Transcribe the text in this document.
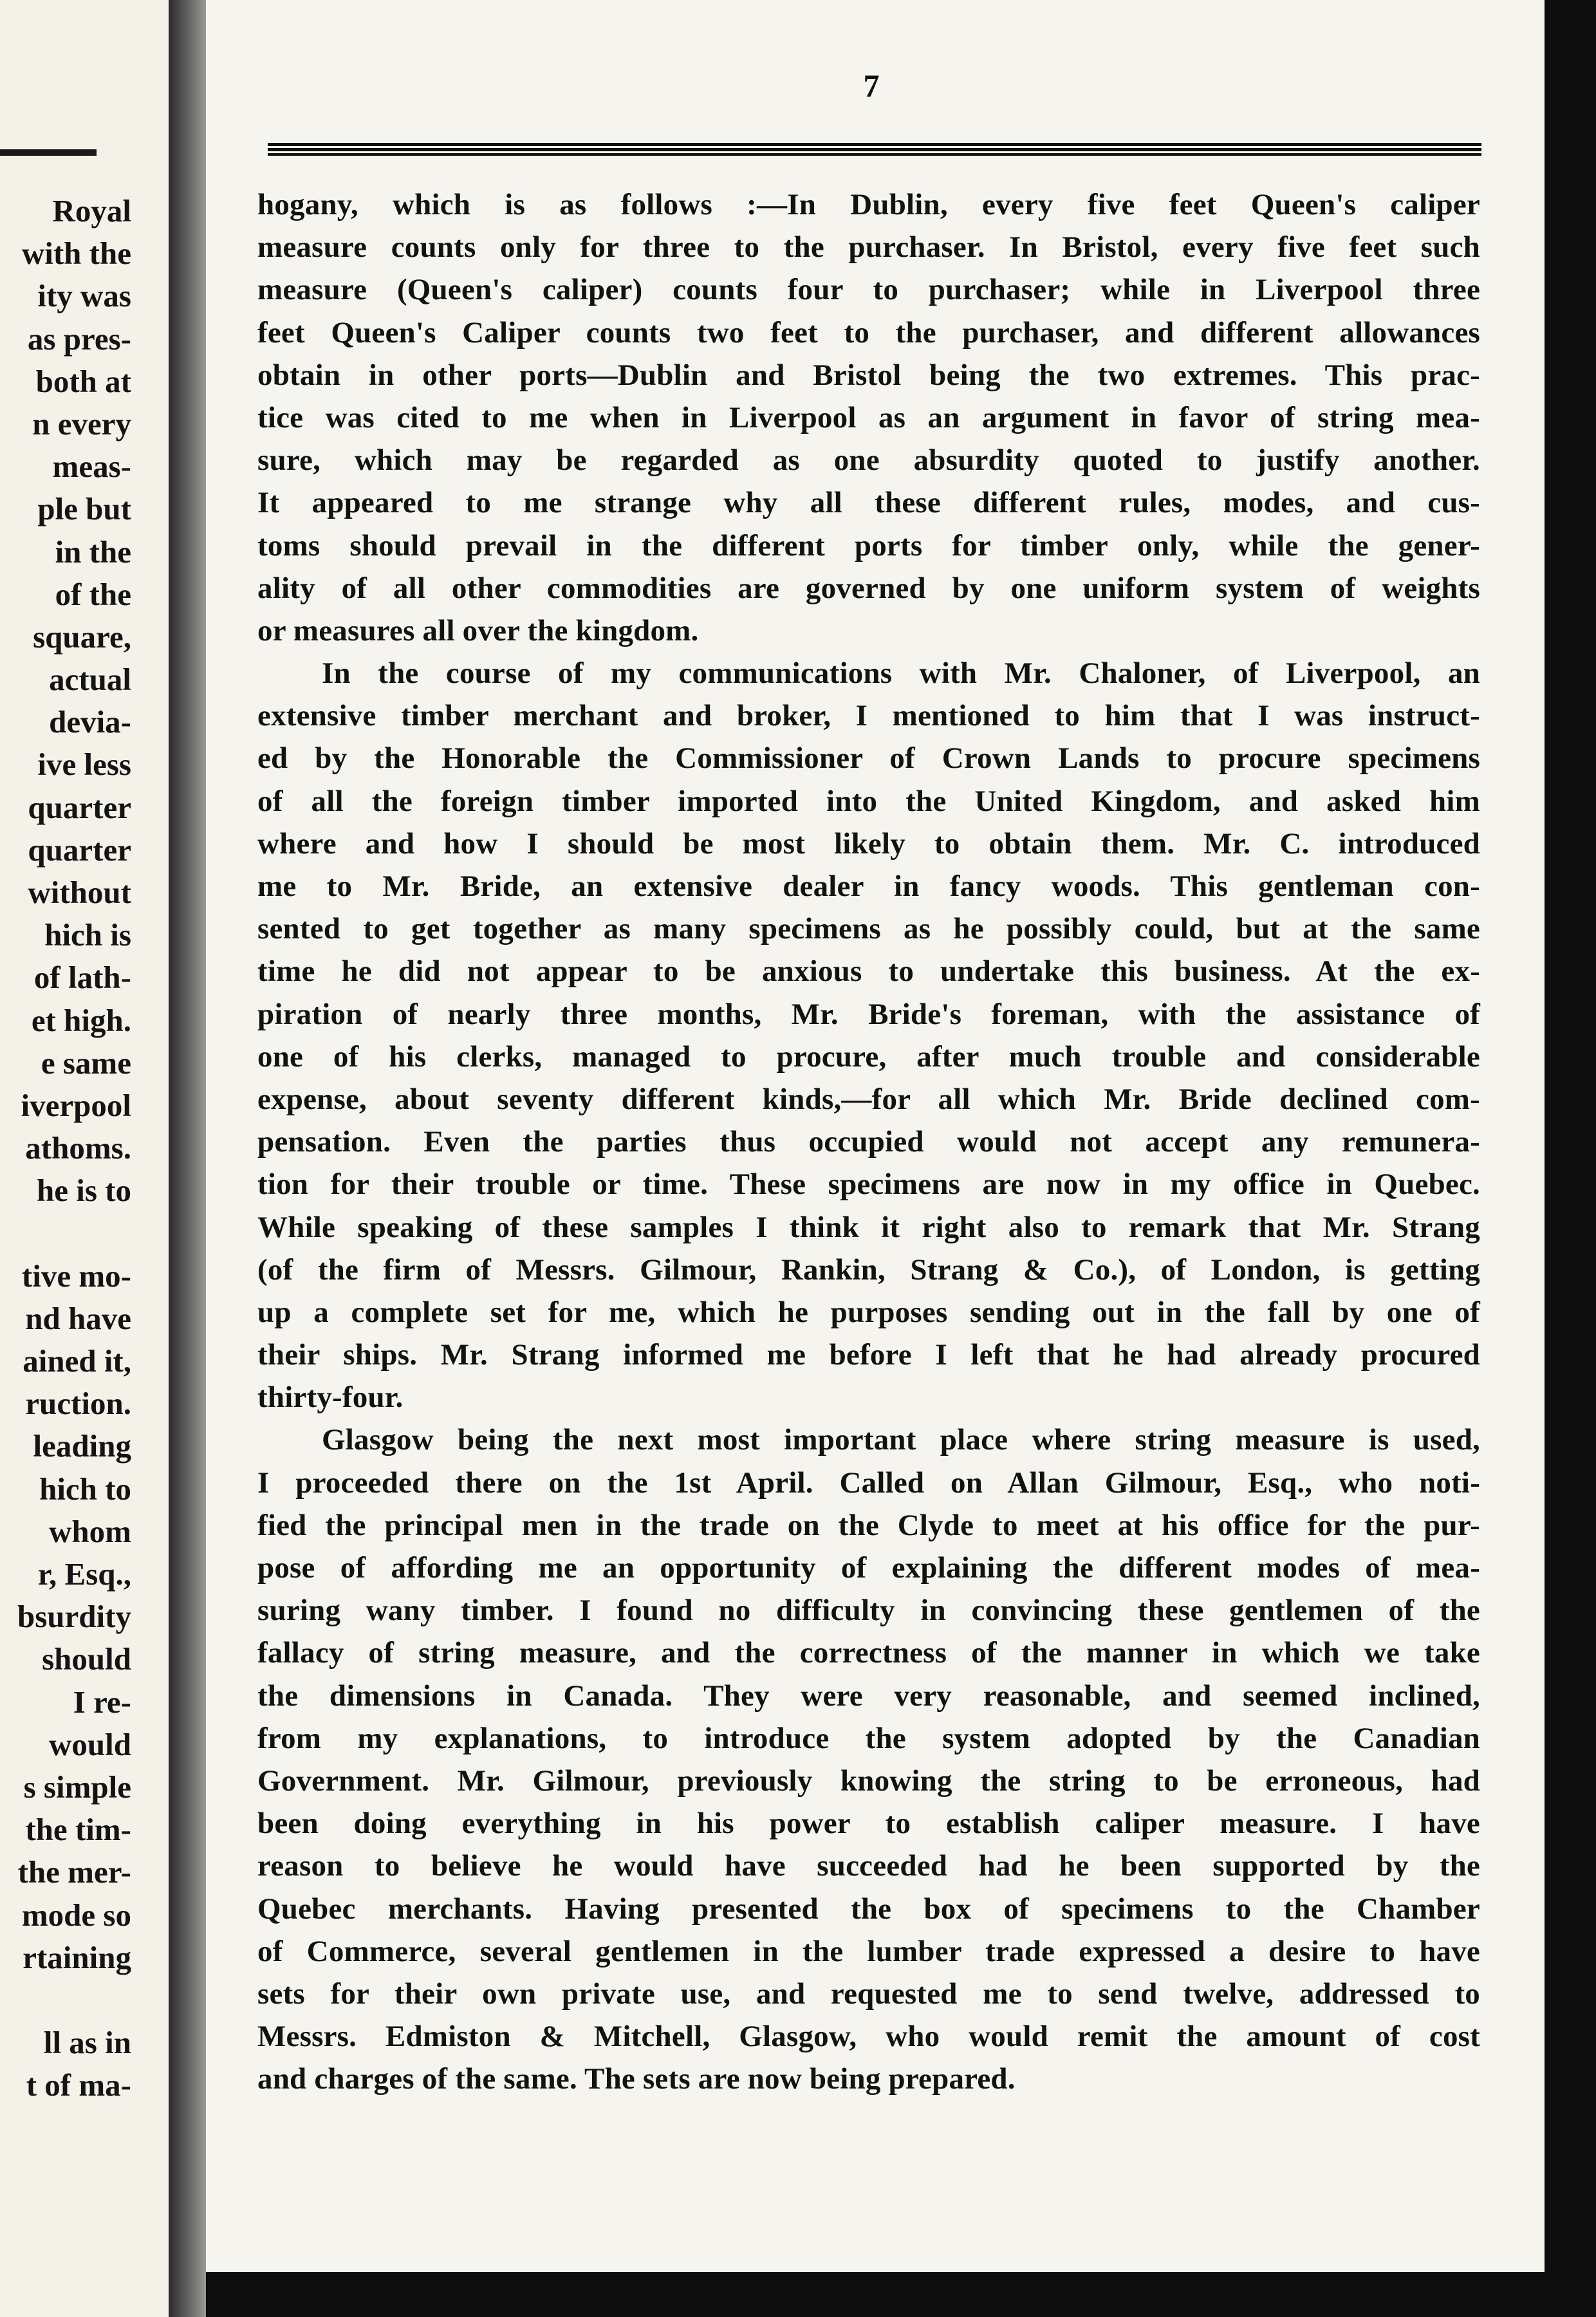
Royal
with the
ity was
as pres-
both at
n every
meas-
ple but
in the
of the
square,
actual
devia-
ive less
quarter
quarter
without
hich is
of lath-
et high.
e same
iverpool
athoms.
he is to
tive mo-
nd have
ained it,
ruction.
leading
hich to
whom
r, Esq.,
bsurdity
should
I re-
would
s simple
the tim-
the mer-
mode so
rtaining
ll as in
t of ma-
7
hogany, which is as follows :—In Dublin, every five feet Queen's caliper
measure counts only for three to the purchaser. In Bristol, every five feet such
measure (Queen's caliper) counts four to purchaser; while in Liverpool three
feet Queen's Caliper counts two feet to the purchaser, and different allowances
obtain in other ports—Dublin and Bristol being the two extremes. This prac-
tice was cited to me when in Liverpool as an argument in favor of string mea-
sure, which may be regarded as one absurdity quoted to justify another.
It appeared to me strange why all these different rules, modes, and cus-
toms should prevail in the different ports for timber only, while the gener-
ality of all other commodities are governed by one uniform system of weights
or measures all over the kingdom.
In the course of my communications with Mr. Chaloner, of Liverpool, an
extensive timber merchant and broker, I mentioned to him that I was instruct-
ed by the Honorable the Commissioner of Crown Lands to procure specimens
of all the foreign timber imported into the United Kingdom, and asked him
where and how I should be most likely to obtain them. Mr. C. introduced
me to Mr. Bride, an extensive dealer in fancy woods. This gentleman con-
sented to get together as many specimens as he possibly could, but at the same
time he did not appear to be anxious to undertake this business. At the ex-
piration of nearly three months, Mr. Bride's foreman, with the assistance of
one of his clerks, managed to procure, after much trouble and considerable
expense, about seventy different kinds,—for all which Mr. Bride declined com-
pensation. Even the parties thus occupied would not accept any remunera-
tion for their trouble or time. These specimens are now in my office in Quebec.
While speaking of these samples I think it right also to remark that Mr. Strang
(of the firm of Messrs. Gilmour, Rankin, Strang & Co.), of London, is getting
up a complete set for me, which he purposes sending out in the fall by one of
their ships. Mr. Strang informed me before I left that he had already procured
thirty-four.
Glasgow being the next most important place where string measure is used,
I proceeded there on the 1st April. Called on Allan Gilmour, Esq., who noti-
fied the principal men in the trade on the Clyde to meet at his office for the pur-
pose of affording me an opportunity of explaining the different modes of mea-
suring wany timber. I found no difficulty in convincing these gentlemen of the
fallacy of string measure, and the correctness of the manner in which we take
the dimensions in Canada. They were very reasonable, and seemed inclined,
from my explanations, to introduce the system adopted by the Canadian
Government. Mr. Gilmour, previously knowing the string to be erroneous, had
been doing everything in his power to establish caliper measure. I have
reason to believe he would have succeeded had he been supported by the
Quebec merchants. Having presented the box of specimens to the Chamber
of Commerce, several gentlemen in the lumber trade expressed a desire to have
sets for their own private use, and requested me to send twelve, addressed to
Messrs. Edmiston & Mitchell, Glasgow, who would remit the amount of cost
and charges of the same. The sets are now being prepared.
